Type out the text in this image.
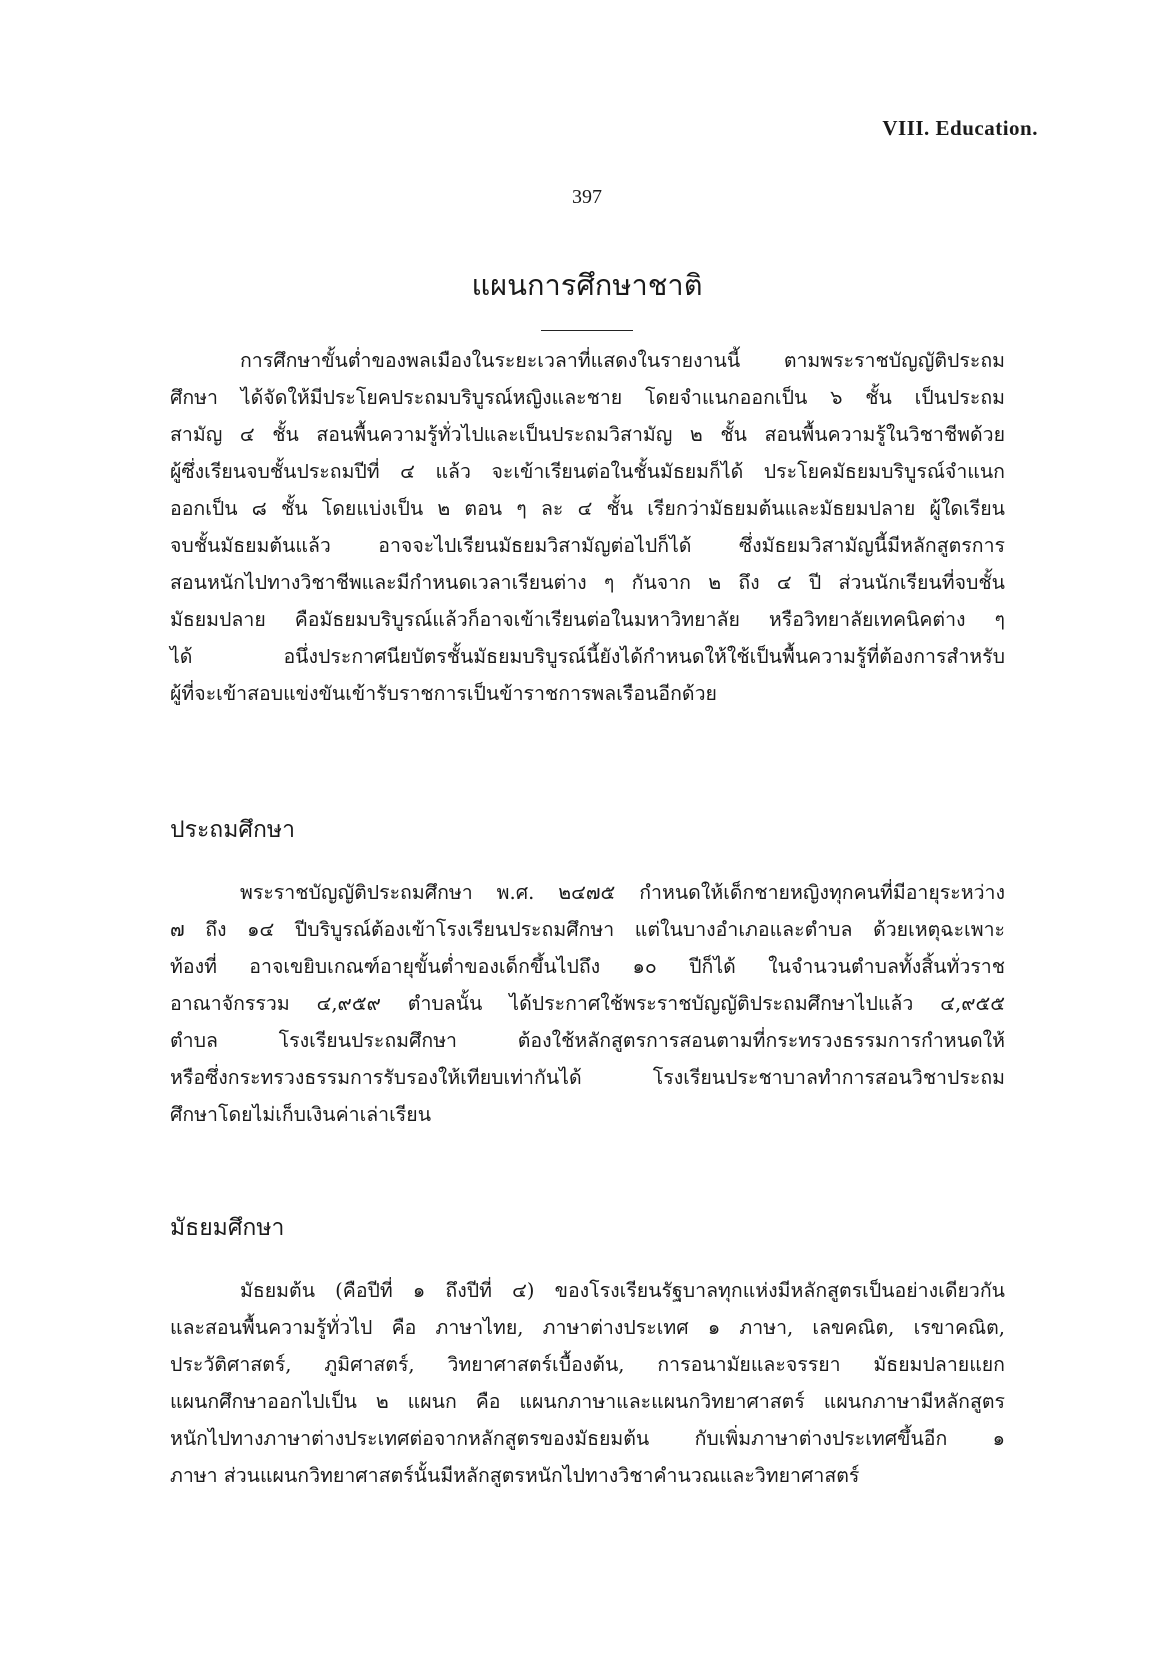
VIII. Education.
397
แผนการศึกษาชาติ
การศึกษาขั้นต่ำของพลเมืองในระยะเวลาที่แสดงในรายงานนี้ ตามพระราชบัญญัติประถม
ศึกษา ได้จัดให้มีประโยคประถมบริบูรณ์หญิงและชาย โดยจำแนกออกเป็น ๖ ชั้น เป็นประถม
สามัญ ๔ ชั้น สอนพื้นความรู้ทั่วไปและเป็นประถมวิสามัญ ๒ ชั้น สอนพื้นความรู้ในวิชาชีพด้วย
ผู้ซึ่งเรียนจบชั้นประถมปีที่ ๔ แล้ว จะเข้าเรียนต่อในชั้นมัธยมก็ได้ ประโยคมัธยมบริบูรณ์จำแนก
ออกเป็น ๘ ชั้น โดยแบ่งเป็น ๒ ตอน ๆ ละ ๔ ชั้น เรียกว่ามัธยมต้นและมัธยมปลาย ผู้ใดเรียน
จบชั้นมัธยมต้นแล้ว อาจจะไปเรียนมัธยมวิสามัญต่อไปก็ได้ ซึ่งมัธยมวิสามัญนี้มีหลักสูตรการ
สอนหนักไปทางวิชาชีพและมีกำหนดเวลาเรียนต่าง ๆ กันจาก ๒ ถึง ๔ ปี ส่วนนักเรียนที่จบชั้น
มัธยมปลาย คือมัธยมบริบูรณ์แล้วก็อาจเข้าเรียนต่อในมหาวิทยาลัย หรือวิทยาลัยเทคนิคต่าง ๆ
ได้ อนึ่งประกาศนียบัตรชั้นมัธยมบริบูรณ์นี้ยังได้กำหนดให้ใช้เป็นพื้นความรู้ที่ต้องการสำหรับ
ผู้ที่จะเข้าสอบแข่งขันเข้ารับราชการเป็นข้าราชการพลเรือนอีกด้วย
ประถมศึกษา
พระราชบัญญัติประถมศึกษา พ.ศ. ๒๔๗๕ กำหนดให้เด็กชายหญิงทุกคนที่มีอายุระหว่าง
๗ ถึง ๑๔ ปีบริบูรณ์ต้องเข้าโรงเรียนประถมศึกษา แต่ในบางอำเภอและตำบล ด้วยเหตุฉะเพาะ
ท้องที่ อาจเขยิบเกณฑ์อายุขั้นต่ำของเด็กขึ้นไปถึง ๑๐ ปีก็ได้ ในจำนวนตำบลทั้งสิ้นทั่วราช
อาณาจักรรวม ๔,๙๕๙ ตำบลนั้น ได้ประกาศใช้พระราชบัญญัติประถมศึกษาไปแล้ว ๔,๙๕๕
ตำบล โรงเรียนประถมศึกษา ต้องใช้หลักสูตรการสอนตามที่กระทรวงธรรมการกำหนดให้
หรือซึ่งกระทรวงธรรมการรับรองให้เทียบเท่ากันได้ โรงเรียนประชาบาลทำการสอนวิชาประถม
ศึกษาโดยไม่เก็บเงินค่าเล่าเรียน
มัธยมศึกษา
มัธยมต้น (คือปีที่ ๑ ถึงปีที่ ๔) ของโรงเรียนรัฐบาลทุกแห่งมีหลักสูตรเป็นอย่างเดียวกัน
และสอนพื้นความรู้ทั่วไป คือ ภาษาไทย, ภาษาต่างประเทศ ๑ ภาษา, เลขคณิต, เรขาคณิต,
ประวัติศาสตร์, ภูมิศาสตร์, วิทยาศาสตร์เบื้องต้น, การอนามัยและจรรยา มัธยมปลายแยก
แผนกศึกษาออกไปเป็น ๒ แผนก คือ แผนกภาษาและแผนกวิทยาศาสตร์ แผนกภาษามีหลักสูตร
หนักไปทางภาษาต่างประเทศต่อจากหลักสูตรของมัธยมต้น กับเพิ่มภาษาต่างประเทศขึ้นอีก ๑
ภาษา ส่วนแผนกวิทยาศาสตร์นั้นมีหลักสูตรหนักไปทางวิชาคำนวณและวิทยาศาสตร์
